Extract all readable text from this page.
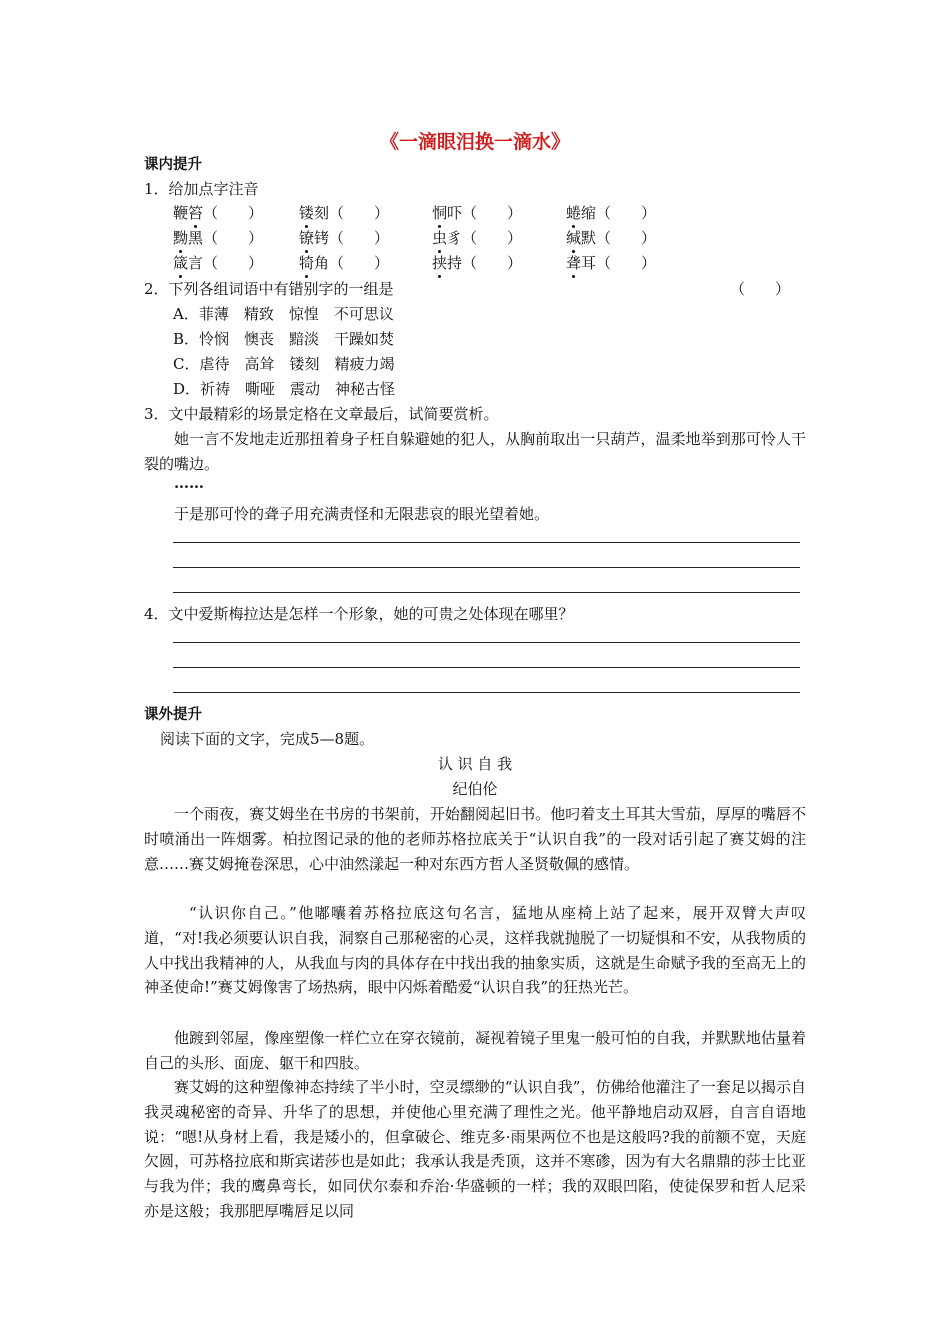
《一滴眼泪换一滴水》
课内提升
1．给加点字注音
鞭笞（　　） 镂刻（　　）	恫吓（　　）	蜷缩（　　）
黝黑（　　） 镣铐（　　）	虫豸（　　）	缄默（　　）
箴言（　　） 犄角（　　）	挟持（　　）	聋耳（　　）
2．下列各组词语中有错别字的一组是	（　　）
A．菲薄　精致　惊惶　不可思议
B．怜悯　懊丧　黯淡　干躁如焚
C．虐待　高耸　镂刻　精疲力竭
D．祈祷　嘶哑　震动　神秘古怪
3．文中最精彩的场景定格在文章最后，试简要赏析。
她一言不发地走近那扭着身子枉自躲避她的犯人，从胸前取出一只葫芦，温柔地举到那可怜人干裂的嘴边。
……
于是那可怜的聋子用充满责怪和无限悲哀的眼光望着她。
4．文中爱斯梅拉达是怎样一个形象，她的可贵之处体现在哪里？
课外提升
阅读下面的文字，完成5—8题。
认 识 自 我
纪伯伦
一个雨夜，赛艾姆坐在书房的书架前，开始翻阅起旧书。他叼着支土耳其大雪茄，厚厚的嘴唇不时喷涌出一阵烟雾。柏拉图记录的他的老师苏格拉底关于“认识自我”的一段对话引起了赛艾姆的注意……赛艾姆掩卷深思，心中油然漾起一种对东西方哲人圣贤敬佩的感情。
“认识你自己。”他嘟囔着苏格拉底这句名言，猛地从座椅上站了起来，展开双臂大声叹道，“对!我必须要认识自我，洞察自己那秘密的心灵，这样我就抛脱了一切疑惧和不安，从我物质的人中找出我精神的人，从我血与肉的具体存在中找出我的抽象实质，这就是生命赋予我的至高无上的神圣使命!”赛艾姆像害了场热病，眼中闪烁着酷爱“认识自我”的狂热光芒。
他踱到邻屋，像座塑像一样伫立在穿衣镜前，凝视着镜子里鬼一般可怕的自我，并默默地估量着自己的头形、面庞、躯干和四肢。
赛艾姆的这种塑像神态持续了半小时，空灵缥缈的“认识自我”，仿佛给他灌注了一套足以揭示自我灵魂秘密的奇异、升华了的思想，并使他心里充满了理性之光。他平静地启动双唇，自言自语地说：“嗯!从身材上看，我是矮小的，但拿破仑、维克多·雨果两位不也是这般吗?我的前额不宽，天庭欠圆，可苏格拉底和斯宾诺莎也是如此；我承认我是秃顶，这并不寒碜，因为有大名鼎鼎的莎士比亚与我为伴；我的鹰鼻弯长，如同伏尔泰和乔治·华盛顿的一样；我的双眼凹陷，使徒保罗和哲人尼采亦是这般；我那肥厚嘴唇足以同
